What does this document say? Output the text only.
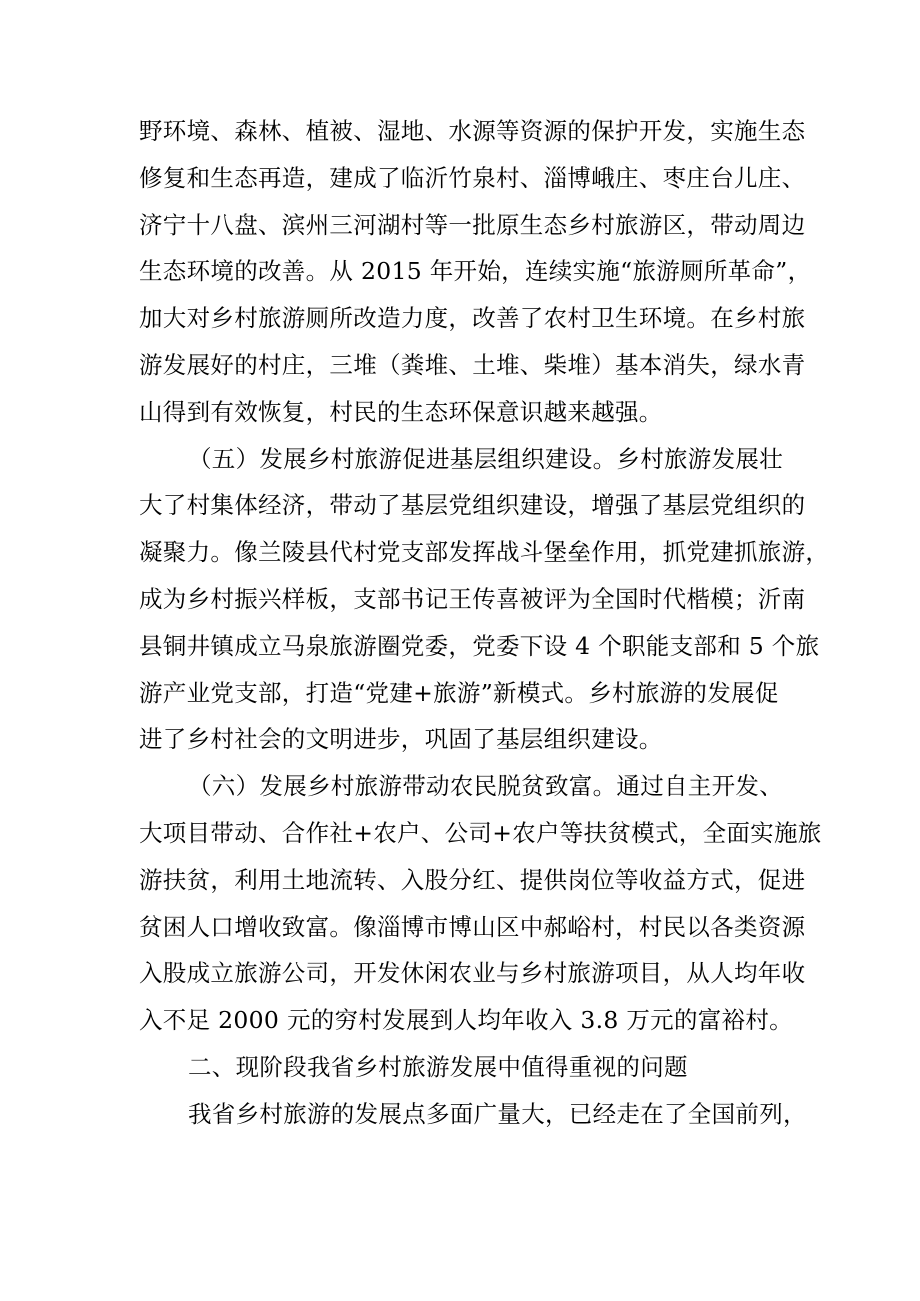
野环境、森林、植被、湿地、水源等资源的保护开发，实施生态
修复和生态再造，建成了临沂竹泉村、淄博峨庄、枣庄台儿庄、
济宁十八盘、滨州三河湖村等一批原生态乡村旅游区，带动周边
生态环境的改善。从 2015 年开始，连续实施“旅游厕所革命”，
加大对乡村旅游厕所改造力度，改善了农村卫生环境。在乡村旅
游发展好的村庄，三堆（粪堆、土堆、柴堆）基本消失，绿水青
山得到有效恢复，村民的生态环保意识越来越强。
（五）发展乡村旅游促进基层组织建设。乡村旅游发展壮
大了村集体经济，带动了基层党组织建设，增强了基层党组织的
凝聚力。像兰陵县代村党支部发挥战斗堡垒作用，抓党建抓旅游，
成为乡村振兴样板，支部书记王传喜被评为全国时代楷模；沂南
县铜井镇成立马泉旅游圈党委，党委下设 4 个职能支部和 5 个旅
游产业党支部，打造“党建+旅游”新模式。乡村旅游的发展促
进了乡村社会的文明进步，巩固了基层组织建设。
（六）发展乡村旅游带动农民脱贫致富。通过自主开发、
大项目带动、合作社+农户、公司+农户等扶贫模式，全面实施旅
游扶贫，利用土地流转、入股分红、提供岗位等收益方式，促进
贫困人口增收致富。像淄博市博山区中郝峪村，村民以各类资源
入股成立旅游公司，开发休闲农业与乡村旅游项目，从人均年收
入不足 2000 元的穷村发展到人均年收入 3.8 万元的富裕村。
二、现阶段我省乡村旅游发展中值得重视的问题
我省乡村旅游的发展点多面广量大，已经走在了全国前列，
